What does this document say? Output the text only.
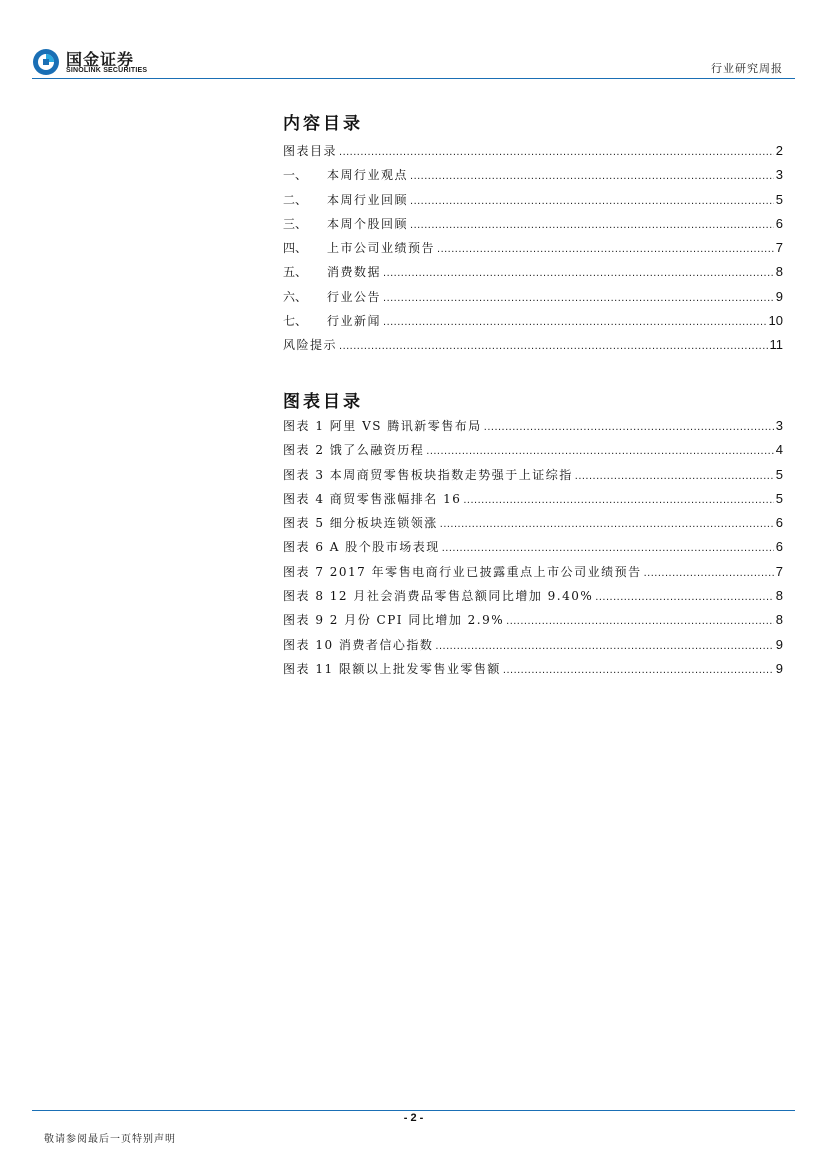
国金证券
SINOLINK SECURITIES	行业研究周报
内容目录
图表目录 .....	2
一、	本周行业观点 .....	3
二、	本周行业回顾 .....	5
三、	本周个股回顾 .....	6
四、	上市公司业绩预告 .....	7
五、	消费数据 .....	8
六、	行业公告 .....	9
七、	行业新闻 .....	10
风险提示 .....	11
图表目录
图表 1 阿里 VS 腾讯新零售布局 .....	3
图表 2 饿了么融资历程 .....	4
图表 3 本周商贸零售板块指数走势强于上证综指 .....	5
图表 4 商贸零售涨幅排名 16 .....	5
图表 5 细分板块连锁领涨 .....	6
图表 6 A 股个股市场表现 .....	6
图表 7 2017 年零售电商行业已披露重点上市公司业绩预告 .....	7
图表 8 12 月社会消费品零售总额同比增加 9.40% .....	8
图表 9 2 月份 CPI 同比增加 2.9% .....	8
图表 10 消费者信心指数 .....	9
图表 11 限额以上批发零售业零售额 .....	9
- 2 -
敬请参阅最后一页特别声明
